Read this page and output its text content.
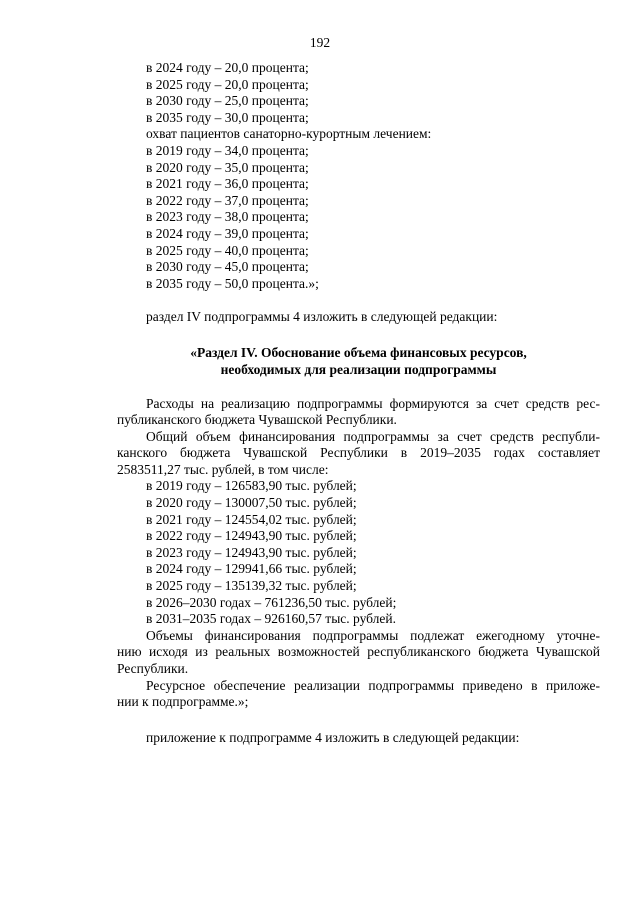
192
в 2024 году – 20,0 процента;
в 2025 году – 20,0 процента;
в 2030 году – 25,0 процента;
в 2035 году – 30,0 процента;
охват пациентов санаторно-курортным лечением:
в 2019 году – 34,0 процента;
в 2020 году – 35,0 процента;
в 2021 году – 36,0 процента;
в 2022 году – 37,0 процента;
в 2023 году – 38,0 процента;
в 2024 году – 39,0 процента;
в 2025 году – 40,0 процента;
в 2030 году – 45,0 процента;
в 2035 году – 50,0 процента.»;
раздел IV подпрограммы 4 изложить в следующей редакции:
«Раздел IV. Обоснование объема финансовых ресурсов,
необходимых для реализации подпрограммы
Расходы на реализацию подпрограммы формируются за счет средств рес-
публиканского бюджета Чувашской Республики.
Общий объем финансирования подпрограммы за счет средств республи-
канского бюджета Чувашской Республики в 2019–2035 годах составляет
2583511,27 тыс. рублей, в том числе:
в 2019 году – 126583,90 тыс. рублей;
в 2020 году – 130007,50 тыс. рублей;
в 2021 году – 124554,02 тыс. рублей;
в 2022 году – 124943,90 тыс. рублей;
в 2023 году – 124943,90 тыс. рублей;
в 2024 году – 129941,66 тыс. рублей;
в 2025 году – 135139,32 тыс. рублей;
в 2026–2030 годах – 761236,50 тыс. рублей;
в 2031–2035 годах – 926160,57 тыс. рублей.
Объемы финансирования подпрограммы подлежат ежегодному уточне-
нию исходя из реальных возможностей республиканского бюджета Чувашской
Республики.
Ресурсное обеспечение реализации подпрограммы приведено в приложе-
нии к подпрограмме.»;
приложение к подпрограмме 4 изложить в следующей редакции:
